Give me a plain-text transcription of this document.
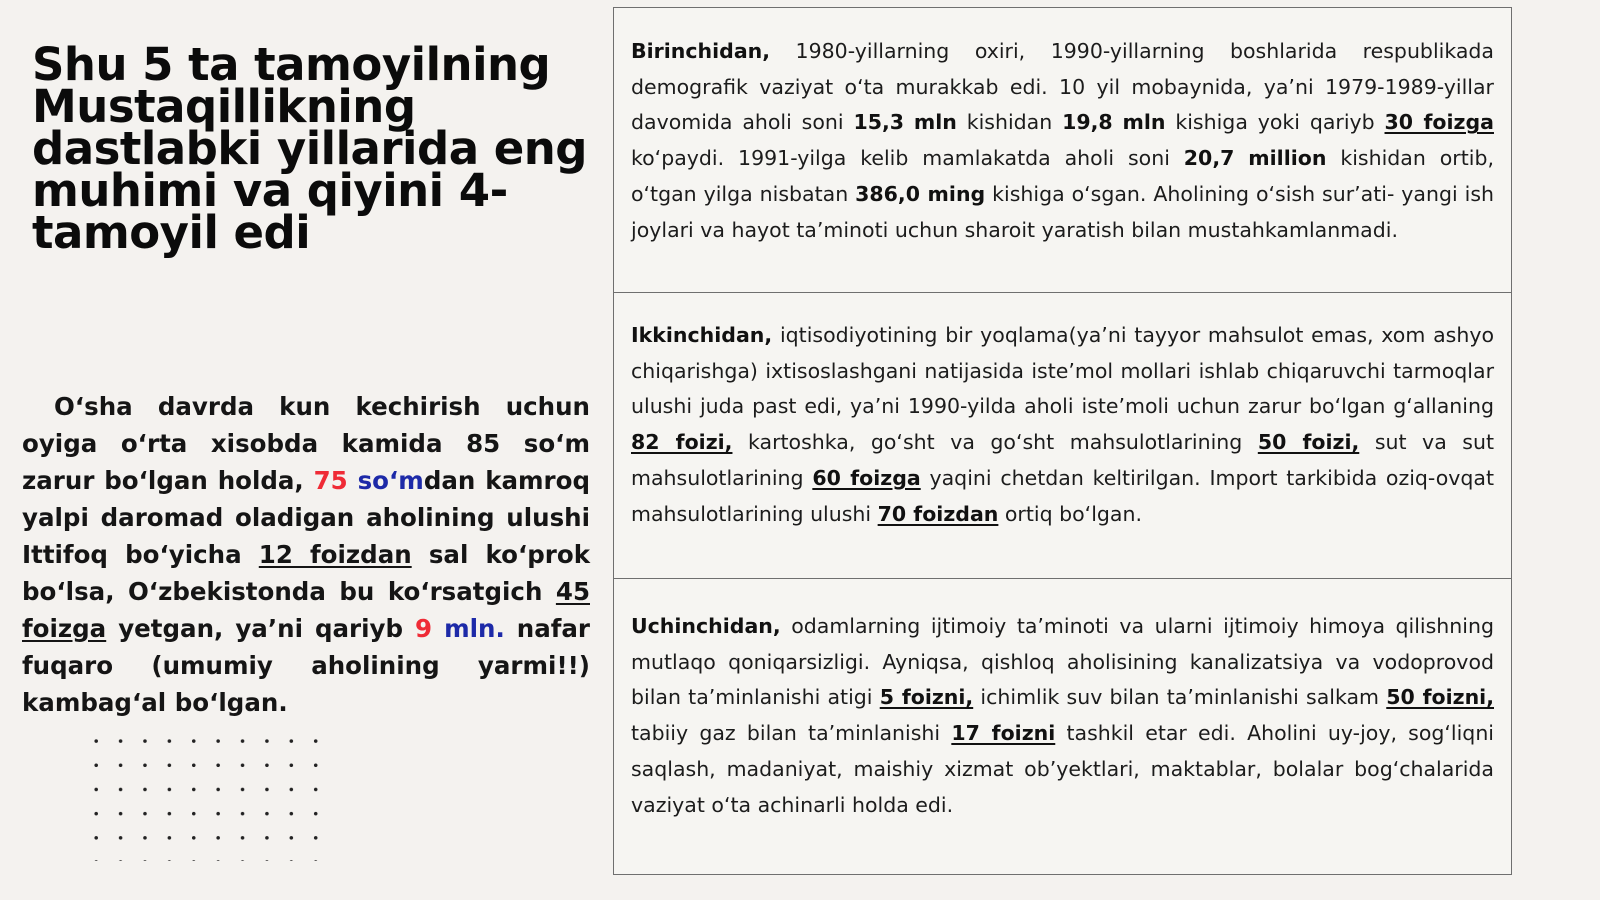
Shu 5 ta tamoyilning Mustaqillikning dastlabki yillarida eng muhimi va qiyini 4-tamoyil edi

O‘sha davrda kun kechirish uchun oyiga o‘rta xisobda kamida 85 so‘m zarur bo‘lgan holda, 75 so‘mdan kamroq yalpi daromad oladigan aholining ulushi Ittifoq bo‘yicha 12 foizdan sal ko‘prok bo‘lsa, O‘zbekistonda bu ko‘rsatgich 45 foizga yetgan, ya’ni qariyb 9 mln. nafar fuqaro (umumiy aholining yarmi!!) kambag‘al bo‘lgan.

Birinchidan, 1980-yillarning oxiri, 1990-yillarning boshlarida respublikada demografik vaziyat o‘ta murakkab edi. 10 yil mobaynida, ya’ni 1979-1989-yillar davomida aholi soni 15,3 mln kishidan 19,8 mln kishiga yoki qariyb 30 foizga ko‘paydi. 1991-yilga kelib mamlakatda aholi soni 20,7 million kishidan ortib, o‘tgan yilga nisbatan 386,0 ming kishiga o‘sgan. Aholining o‘sish sur’ati- yangi ish joylari va hayot ta’minoti uchun sharoit yaratish bilan mustahkamlanmadi.

Ikkinchidan, iqtisodiyotining bir yoqlama(ya’ni tayyor mahsulot emas, xom ashyo chiqarishga) ixtisoslashgani natijasida iste’mol mollari ishlab chiqaruvchi tarmoqlar ulushi juda past edi, ya’ni 1990-yilda aholi iste’moli uchun zarur bo‘lgan g‘allaning 82 foizi, kartoshka, go‘sht va go‘sht mahsulotlarining 50 foizi, sut va sut mahsulotlarining 60 foizga yaqini chetdan keltirilgan. Import tarkibida oziq-ovqat mahsulotlarining ulushi 70 foizdan ortiq bo‘lgan.

Uchinchidan, odamlarning ijtimoiy ta’minoti va ularni ijtimoiy himoya qilishning mutlaqo qoniqarsizligi. Ayniqsa, qishloq aholisining kanalizatsiya va vodoprovod bilan ta’minlanishi atigi 5 foizni, ichimlik suv bilan ta’minlanishi salkam 50 foizni, tabiiy gaz bilan ta’minlanishi 17 foizni tashkil etar edi. Aholini uy-joy, sog‘liqni saqlash, madaniyat, maishiy xizmat ob’yektlari, maktablar, bolalar bog‘chalarida vaziyat o‘ta achinarli holda edi.
